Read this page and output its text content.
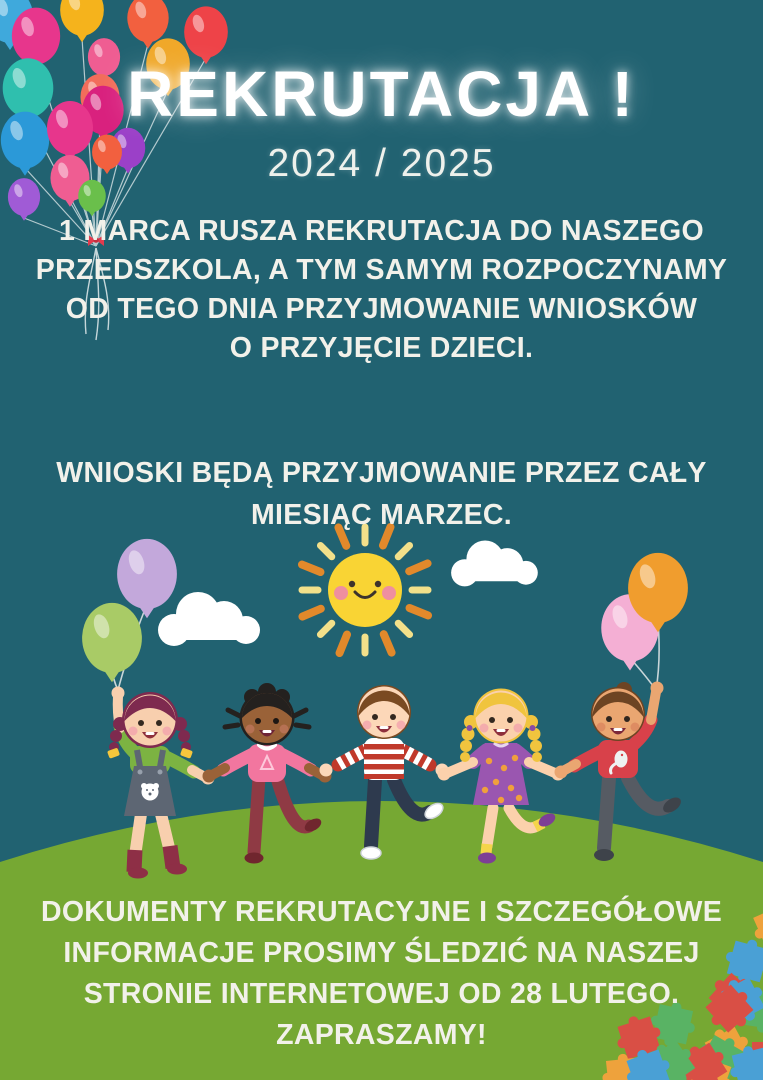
REKRUTACJA !
2024 / 2025
1 MARCA RUSZA REKRUTACJA DO NASZEGO
PRZEDSZKOLA, A TYM SAMYM ROZPOCZYNAMY
OD TEGO DNIA PRZYJMOWANIE WNIOSKÓW
O PRZYJĘCIE DZIECI.
WNIOSKI BĘDĄ PRZYJMOWANIE PRZEZ CAŁY
MIESIĄC MARZEC.
DOKUMENTY REKRUTACYJNE I SZCZEGÓŁOWE
INFORMACJE PROSIMY ŚLEDZIĆ NA NASZEJ
STRONIE INTERNETOWEJ OD 28 LUTEGO.
ZAPRASZAMY!
